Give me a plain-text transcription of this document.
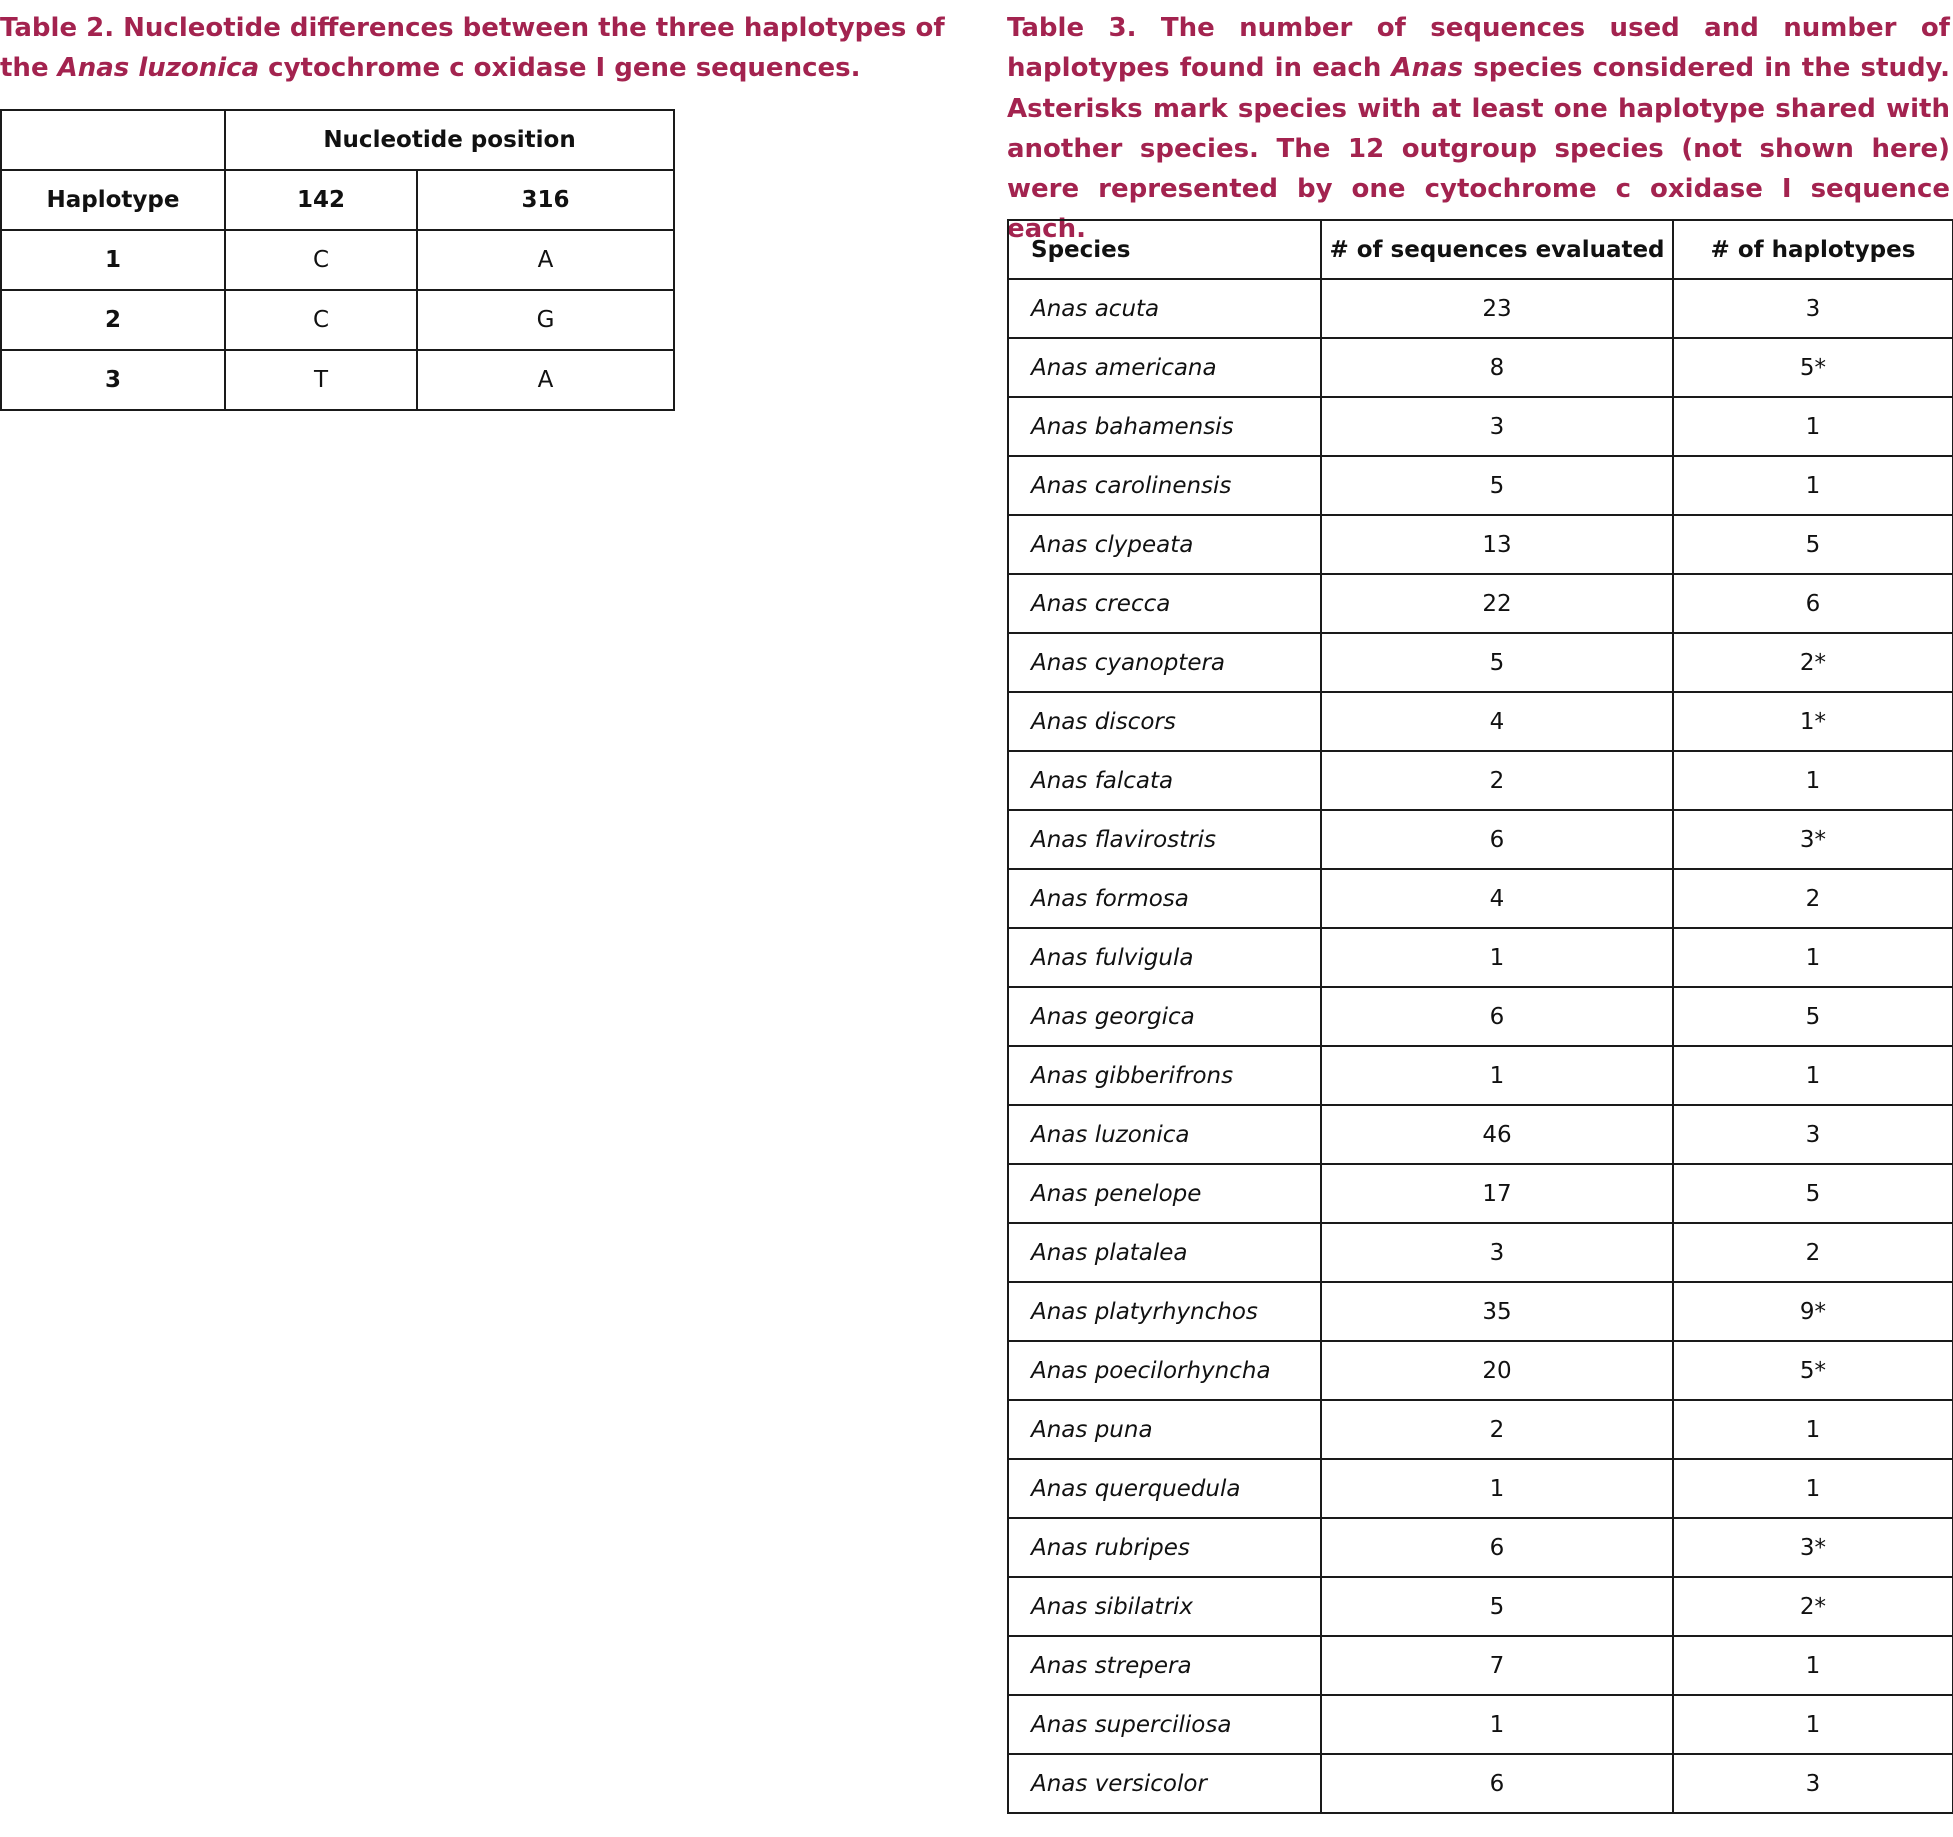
Table 2. Nucleotide differences between the three haplotypes of the Anas luzonica cytochrome c oxidase I gene sequences.

	Nucleotide position	
Haplotype	142	316
1	C	A
2	C	G
3	T	A

Table 3. The number of sequences used and number of haplotypes found in each Anas species considered in the study. Asterisks mark species with at least one haplotype shared with another species. The 12 outgroup species (not shown here) were represented by one cytochrome c oxidase I sequence each.

Species	# of sequences evaluated	# of haplotypes
Anas acuta	23	3
Anas americana	8	5*
Anas bahamensis	3	1
Anas carolinensis	5	1
Anas clypeata	13	5
Anas crecca	22	6
Anas cyanoptera	5	2*
Anas discors	4	1*
Anas falcata	2	1
Anas flavirostris	6	3*
Anas formosa	4	2
Anas fulvigula	1	1
Anas georgica	6	5
Anas gibberifrons	1	1
Anas luzonica	46	3
Anas penelope	17	5
Anas platalea	3	2
Anas platyrhynchos	35	9*
Anas poecilorhyncha	20	5*
Anas puna	2	1
Anas querquedula	1	1
Anas rubripes	6	3*
Anas sibilatrix	5	2*
Anas strepera	7	1
Anas superciliosa	1	1
Anas versicolor	6	3
